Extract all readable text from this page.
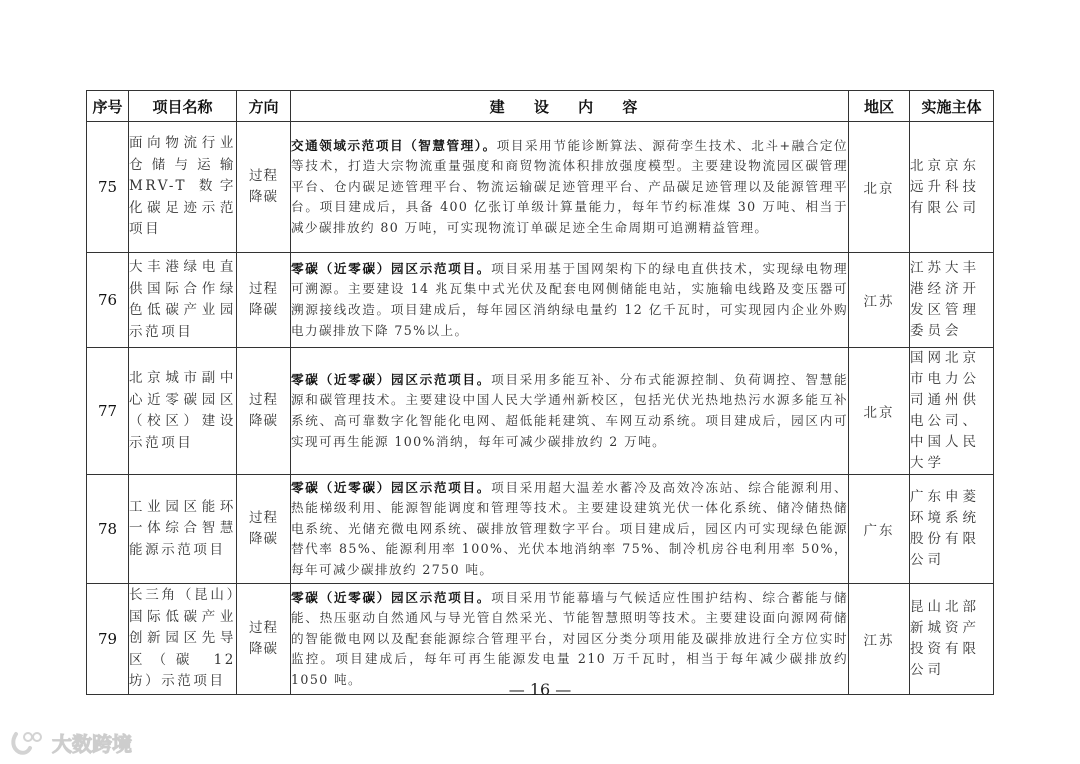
序号	项目名称	方向	建 设 内 容	地区	实施主体
75	面向物流行业仓储与运输MRV-T 数字化碳足迹示范项目	过程降碳	交通领域示范项目（智慧管理）。项目采用节能诊断算法、源荷孪生技术、北斗+融合定位等技术，打造大宗物流重量强度和商贸物流体积排放强度模型。主要建设物流园区碳管理平台、仓内碳足迹管理平台、物流运输碳足迹管理平台、产品碳足迹管理以及能源管理平台。项目建成后，具备 400 亿张订单级计算量能力，每年节约标准煤 30 万吨、相当于减少碳排放约 80 万吨，可实现物流订单碳足迹全生命周期可追溯精益管理。	北京	北京京东远升科技有限公司
76	大丰港绿电直供国际合作绿色低碳产业园示范项目	过程降碳	零碳（近零碳）园区示范项目。项目采用基于国网架构下的绿电直供技术，实现绿电物理可溯源。主要建设 14 兆瓦集中式光伏及配套电网侧储能电站，实施输电线路及变压器可溯源接线改造。项目建成后，每年园区消纳绿电量约 12 亿千瓦时，可实现园内企业外购电力碳排放下降 75%以上。	江苏	江苏大丰港经济开发区管理委员会
77	北京城市副中心近零碳园区（校区）建设示范项目	过程降碳	零碳（近零碳）园区示范项目。项目采用多能互补、分布式能源控制、负荷调控、智慧能源和碳管理技术。主要建设中国人民大学通州新校区，包括光伏光热地热污水源多能互补系统、高可靠数字化智能化电网、超低能耗建筑、车网互动系统。项目建成后，园区内可实现可再生能源 100%消纳，每年可减少碳排放约 2 万吨。	北京	国网北京市电力公司通州供电公司、中国人民大学
78	工业园区能环一体综合智慧能源示范项目	过程降碳	零碳（近零碳）园区示范项目。项目采用超大温差水蓄冷及高效冷冻站、综合能源利用、热能梯级利用、能源智能调度和管理等技术。主要建设建筑光伏一体化系统、储冷储热储电系统、光储充微电网系统、碳排放管理数字平台。项目建成后，园区内可实现绿色能源替代率 85%、能源利用率 100%、光伏本地消纳率 75%、制冷机房谷电利用率 50%，每年可减少碳排放约 2750 吨。	广东	广东申菱环境系统股份有限公司
79	长三角（昆山）国际低碳产业创新园区先导区（碳 12 坊）示范项目	过程降碳	零碳（近零碳）园区示范项目。项目采用节能幕墙与气候适应性围护结构、综合蓄能与储能、热压驱动自然通风与导光管自然采光、节能智慧照明等技术。主要建设面向源网荷储的智能微电网以及配套能源综合管理平台，对园区分类分项用能及碳排放进行全方位实时监控。项目建成后，每年可再生能源发电量 210 万千瓦时，相当于每年减少碳排放约 1050 吨。	江苏	昆山北部新城资产投资有限公司
— 16 —
大数跨境
